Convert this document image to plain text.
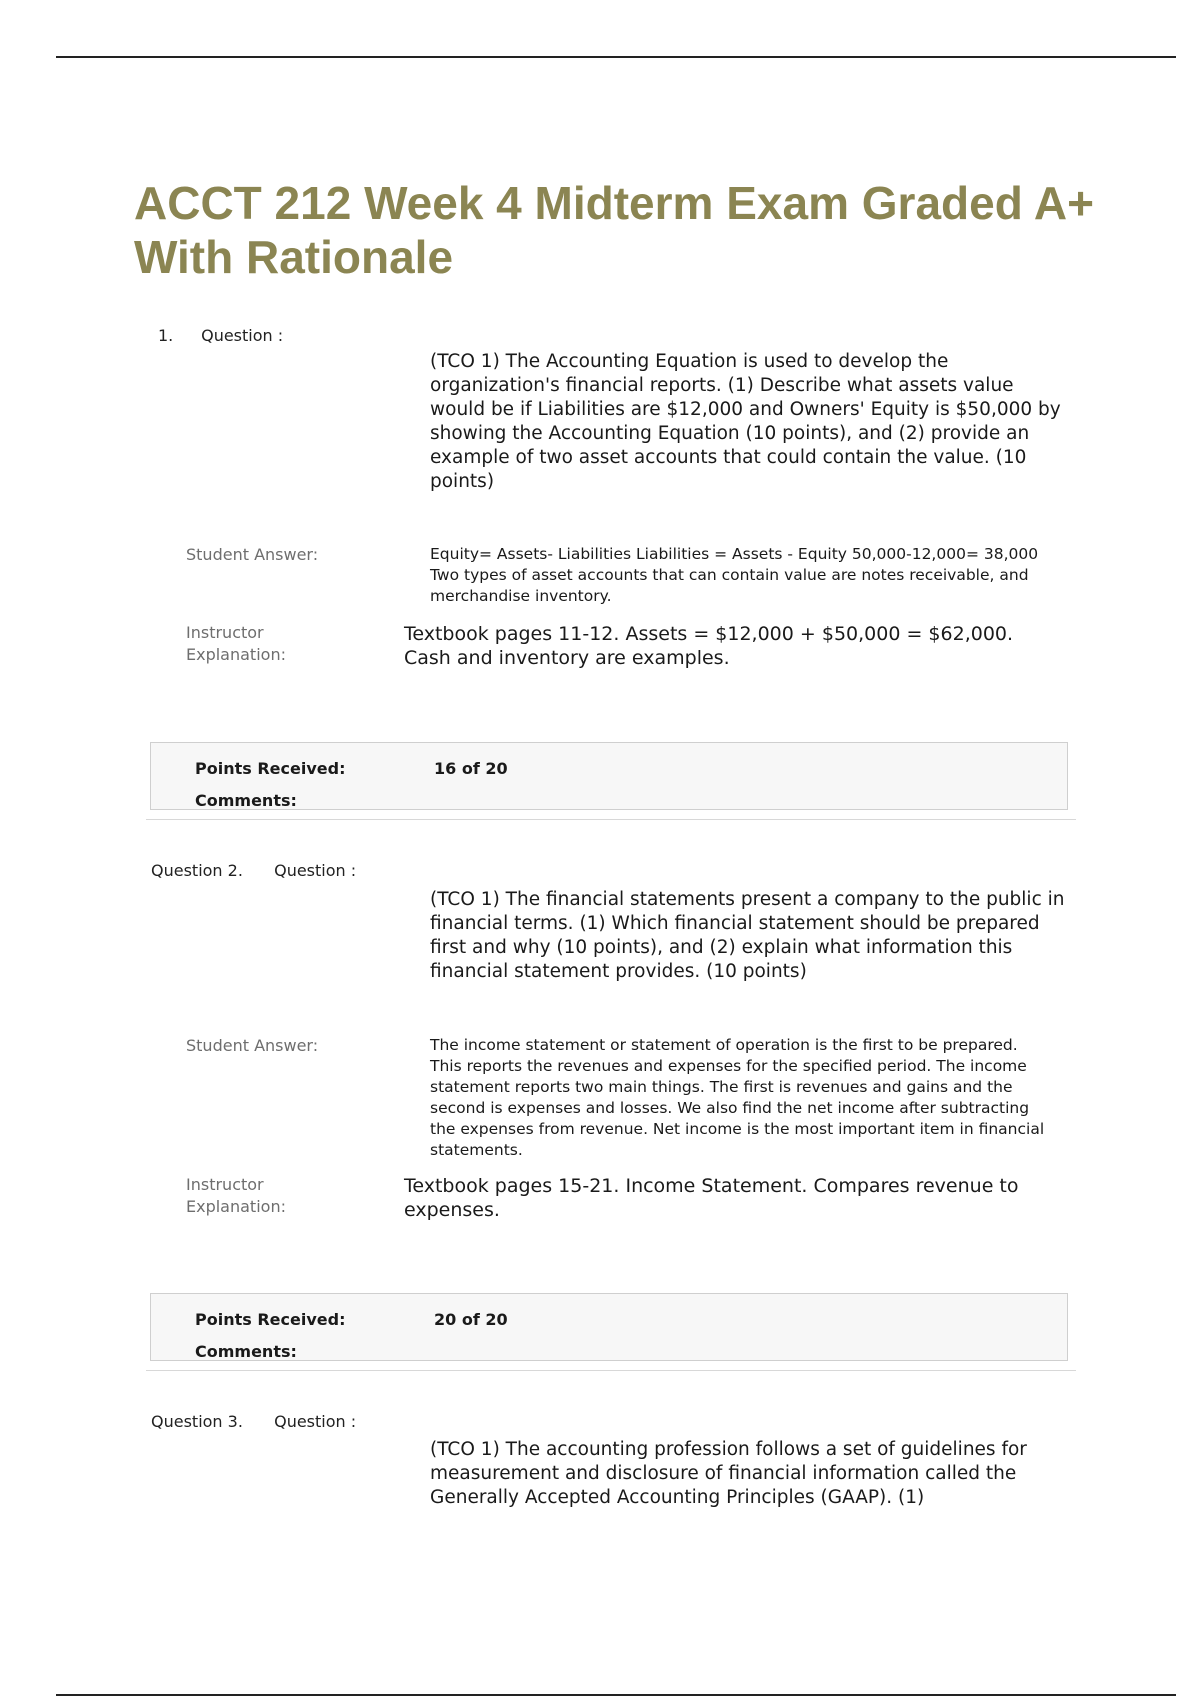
ACCT 212 Week 4 Midterm Exam Graded A+ With Rationale
1. Question :

(TCO 1) The Accounting Equation is used to develop the organization's financial reports. (1) Describe what assets value would be if Liabilities are $12,000 and Owners' Equity is $50,000 by showing the Accounting Equation (10 points), and (2) provide an example of two asset accounts that could contain the value. (10 points)

Student Answer:	Equity= Assets- Liabilities Liabilities = Assets - Equity 50,000-12,000= 38,000 Two types of asset accounts that can contain value are notes receivable, and merchandise inventory.

Instructor Explanation:

Textbook pages 11-12. Assets = $12,000 + $50,000 = $62,000. Cash and inventory are examples.

Points Received:	16 of 20
Comments:
Question 2. Question :

(TCO 1) The financial statements present a company to the public in financial terms. (1) Which financial statement should be prepared first and why (10 points), and (2) explain what information this financial statement provides. (10 points)

Student Answer:	The income statement or statement of operation is the first to be prepared. This reports the revenues and expenses for the specified period. The income statement reports two main things. The first is revenues and gains and the second is expenses and losses. We also find the net income after subtracting the expenses from revenue. Net income is the most important item in financial statements.

Instructor Explanation:

Textbook pages 15-21. Income Statement. Compares revenue to expenses.

Points Received:	20 of 20
Comments:
Question 3. Question :

(TCO 1) The accounting profession follows a set of guidelines for measurement and disclosure of financial information called the Generally Accepted Accounting Principles (GAAP). (1)
